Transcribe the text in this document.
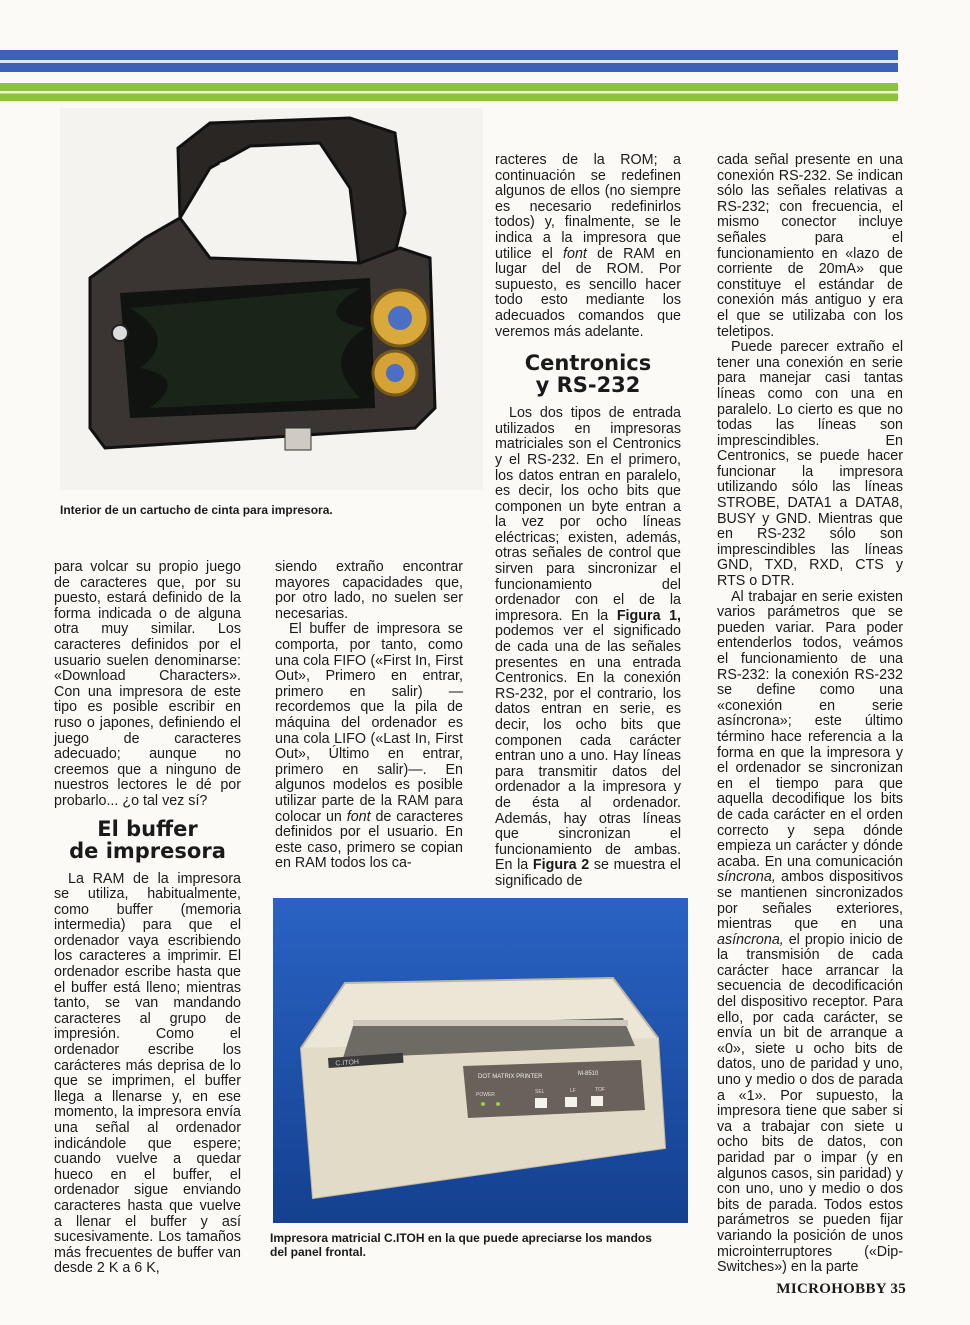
Interior de un cartucho de cinta para impresora.

para volcar su propio juego de caracteres que, por su puesto, estará definido de la forma indicada o de alguna otra muy similar. Los caracteres definidos por el usuario suelen denominarse: «Download Characters». Con una impresora de este tipo es posible escribir en ruso o japones, definiendo el juego de caracteres adecuado; aunque no creemos que a ninguno de nuestros lectores le dé por probarlo... ¿o tal vez sí?

El buffer
de impresora

La RAM de la impresora se utiliza, habitualmente, como buffer (memoria intermedia) para que el ordenador vaya escribiendo los caracteres a imprimir. El ordenador escribe hasta que el buffer está lleno; mientras tanto, se van mandando caracteres al grupo de impresión. Como el ordenador escribe los carácteres más deprisa de lo que se imprimen, el buffer llega a llenarse y, en ese momento, la impresora envía una señal al ordenador indicándole que espere; cuando vuelve a quedar hueco en el buffer, el ordenador sigue enviando caracteres hasta que vuelve a llenar el buffer y así sucesivamente. Los tamaños más frecuentes de buffer van desde 2 K a 6 K,

siendo extraño encontrar mayores capacidades que, por otro lado, no suelen ser necesarias.

El buffer de impresora se comporta, por tanto, como una cola FIFO («First In, First Out», Primero en entrar, primero en salir) —recordemos que la pila de máquina del ordenador es una cola LIFO («Last In, First Out», Último en entrar, primero en salir)—. En algunos modelos es posible utilizar parte de la RAM para colocar un font de caracteres definidos por el usuario. En este caso, primero se copian en RAM todos los ca-

racteres de la ROM; a continuación se redefinen algunos de ellos (no siempre es necesario redefinirlos todos) y, finalmente, se le indica a la impresora que utilice el font de RAM en lugar del de ROM. Por supuesto, es sencillo hacer todo esto mediante los adecuados comandos que veremos más adelante.

Centronics
y RS-232

Los dos tipos de entrada utilizados en impresoras matriciales son el Centronics y el RS-232. En el primero, los datos entran en paralelo, es decir, los ocho bits que componen un byte entran a la vez por ocho líneas eléctricas; existen, además, otras señales de control que sirven para sincronizar el funcionamiento del ordenador con el de la impresora. En la Figura 1, podemos ver el significado de cada una de las señales presentes en una entrada Centronics. En la conexión RS-232, por el contrario, los datos entran en serie, es decir, los ocho bits que componen cada carácter entran uno a uno. Hay líneas para transmitir datos del ordenador a la impresora y de ésta al ordenador. Además, hay otras líneas que sincronizan el funcionamiento de ambas. En la Figura 2 se muestra el significado de

cada señal presente en una conexión RS-232. Se indican sólo las señales relativas a RS-232; con frecuencia, el mismo conector incluye señales para el funcionamiento en «lazo de corriente de 20mA» que constituye el estándar de conexión más antiguo y era el que se utilizaba con los teletipos.

Puede parecer extraño el tener una conexión en serie para manejar casi tantas líneas como con una en paralelo. Lo cierto es que no todas las líneas son imprescindibles. En Centronics, se puede hacer funcionar la impresora utilizando sólo las líneas STROBE, DATA1 a DATA8, BUSY y GND. Mientras que en RS-232 sólo son imprescindibles las líneas GND, TXD, RXD, CTS y RTS o DTR.

Al trabajar en serie existen varios parámetros que se pueden variar. Para poder entenderlos todos, veámos el funcionamiento de una RS-232: la conexión RS-232 se define como una «conexión en serie asíncrona»; este último término hace referencia a la forma en que la impresora y el ordenador se sincronizan en el tiempo para que aquella decodifique los bits de cada carácter en el orden correcto y sepa dónde empieza un carácter y dónde acaba. En una comunicación síncrona, ambos dispositivos se mantienen sincronizados por señales exteriores, mientras que en una asíncrona, el propio inicio de la transmisión de cada carácter hace arrancar la secuencia de decodificación del dispositivo receptor. Para ello, por cada carácter, se envía un bit de arranque a «0», siete u ocho bits de datos, uno de paridad y uno, uno y medio o dos de parada a «1». Por supuesto, la impresora tiene que saber si va a trabajar con siete u ocho bits de datos, con paridad par o impar (y en algunos casos, sin paridad) y con uno, uno y medio o dos bits de parada. Todos estos parámetros se pueden fijar variando la posición de unos microinterruptores («Dip-Switches») en la parte

C.ITOH
DOT MATRIX PRINTER	M-8510
POWER	SEL	LF	TOF
Impresora matricial C.ITOH en la que puede apreciarse los mandos del panel frontal.
MICROHOBBY 35
